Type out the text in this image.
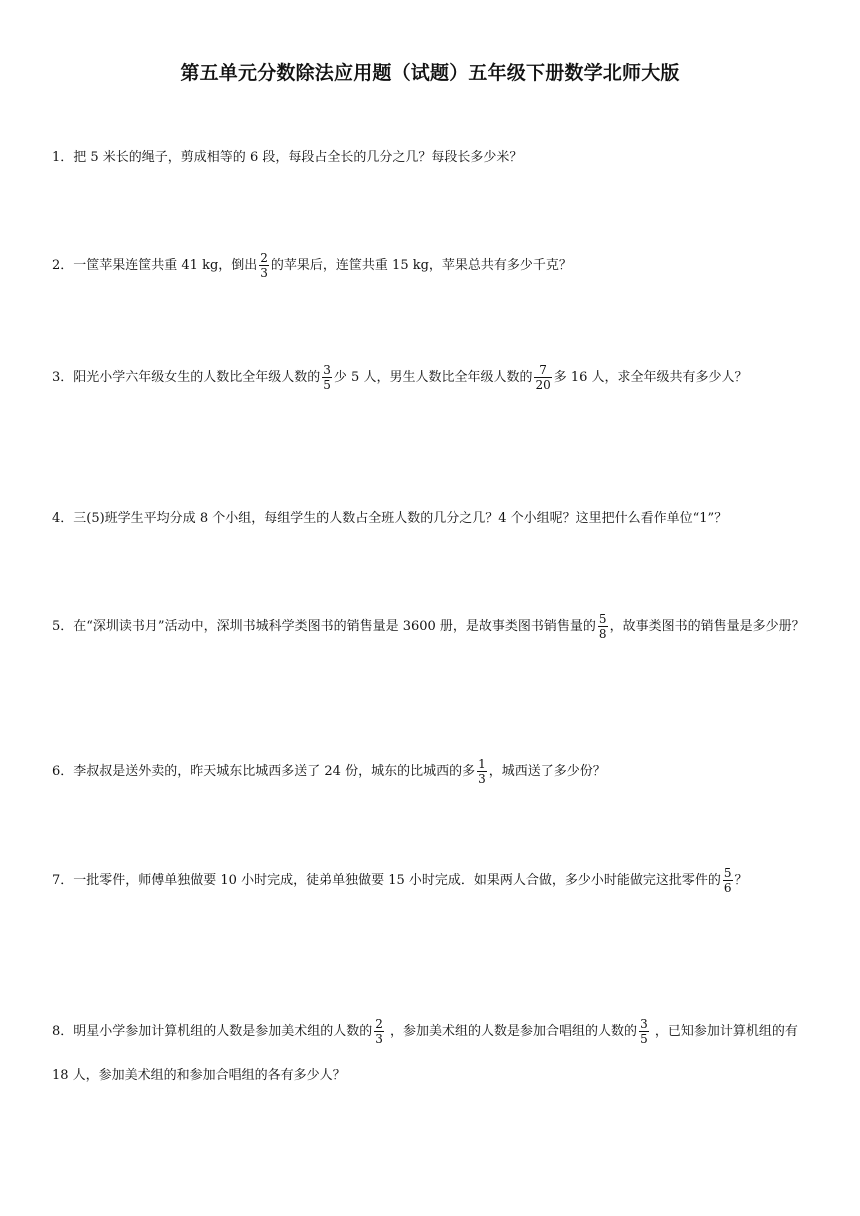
第五单元分数除法应用题（试题）五年级下册数学北师大版
1．把 5 米长的绳子，剪成相等的 6 段，每段占全长的几分之几？每段长多少米？
2．一筐苹果连筐共重 41 kg，倒出 $\frac{2}{3}$ 的苹果后，连筐共重 15 kg，苹果总共有多少千克？
3．阳光小学六年级女生的人数比全年级人数的 $\frac{3}{5}$ 少 5 人，男生人数比全年级人数的 $\frac{7}{20}$ 多 16 人，求全年级共有多少人？
4．三(5)班学生平均分成 8 个小组，每组学生的人数占全班人数的几分之几？4 个小组呢？这里把什么看作单位“1”？
5．在“深圳读书月”活动中，深圳书城科学类图书的销售量是 3600 册，是故事类图书销售量的 $\frac{5}{8}$ ，故事类图书的销售量是多少册？
6．李叔叔是送外卖的，昨天城东比城西多送了 24 份，城东的比城西的多 $\frac{1}{3}$ ，城西送了多少份？
7．一批零件，师傅单独做要 10 小时完成，徒弟单独做要 15 小时完成．如果两人合做，多少小时能做完这批零件的 $\frac{5}{6}$ ？
8．明星小学参加计算机组的人数是参加美术组的人数的 $\frac{2}{3}$ ，参加美术组的人数是参加合唱组的人数的 $\frac{3}{5}$ ，已知参加计算机组的有 18 人，参加美术组的和参加合唱组的各有多少人？
